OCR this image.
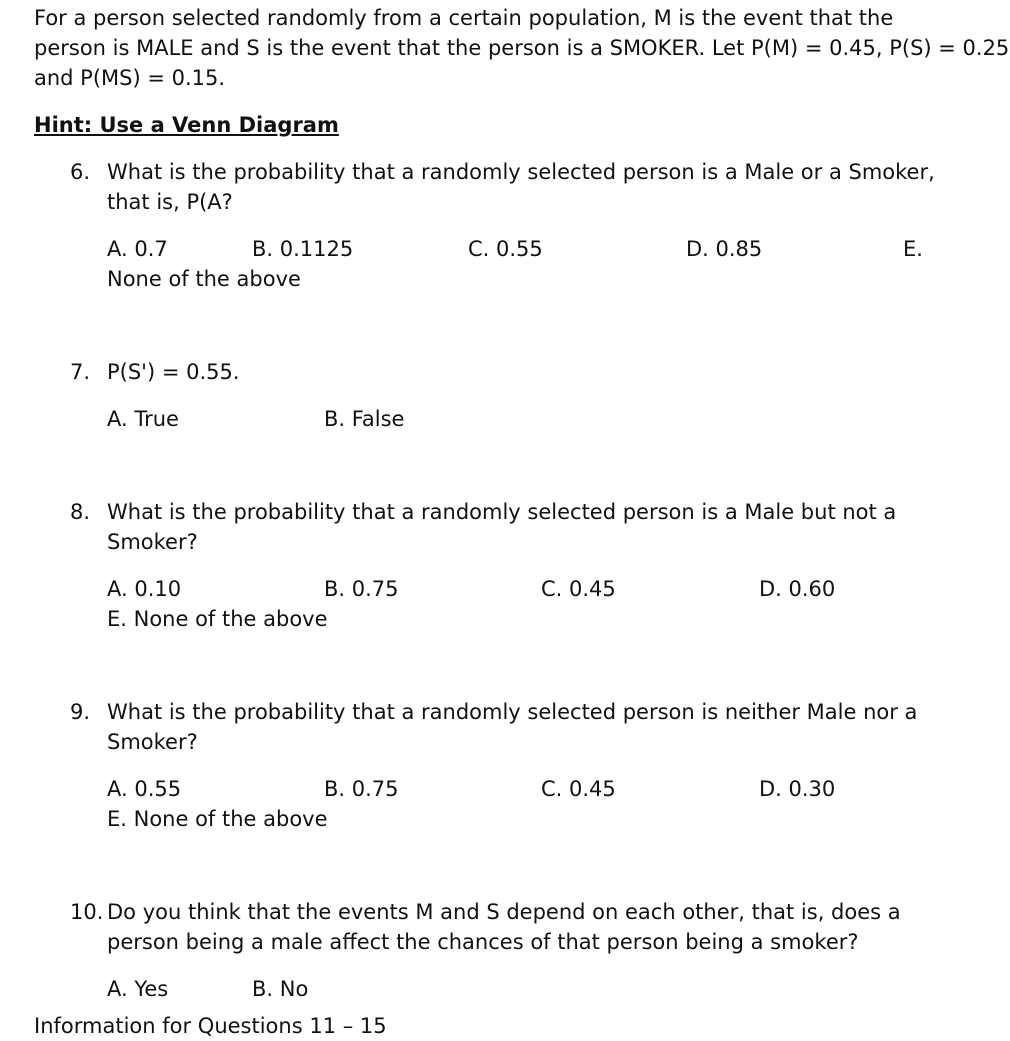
For a person selected randomly from a certain population, M is the event that the
person is MALE and S is the event that the person is a SMOKER. Let P(M) = 0.45, P(S) = 0.25
and P(MS) = 0.15.
Hint: Use a Venn Diagram
6. What is the probability that a randomly selected person is a Male or a Smoker,
that is, P(A?
A. 0.7	B. 0.1125	C. 0.55	D. 0.85	E.
None of the above
7. P(S') = 0.55.
A. True	B. False
8. What is the probability that a randomly selected person is a Male but not a
Smoker?
A. 0.10	B. 0.75	C. 0.45	D. 0.60
E. None of the above
9. What is the probability that a randomly selected person is neither Male nor a
Smoker?
A. 0.55	B. 0.75	C. 0.45	D. 0.30
E. None of the above
10. Do you think that the events M and S depend on each other, that is, does a
person being a male affect the chances of that person being a smoker?
A. Yes	B. No
Information for Questions 11 – 15
